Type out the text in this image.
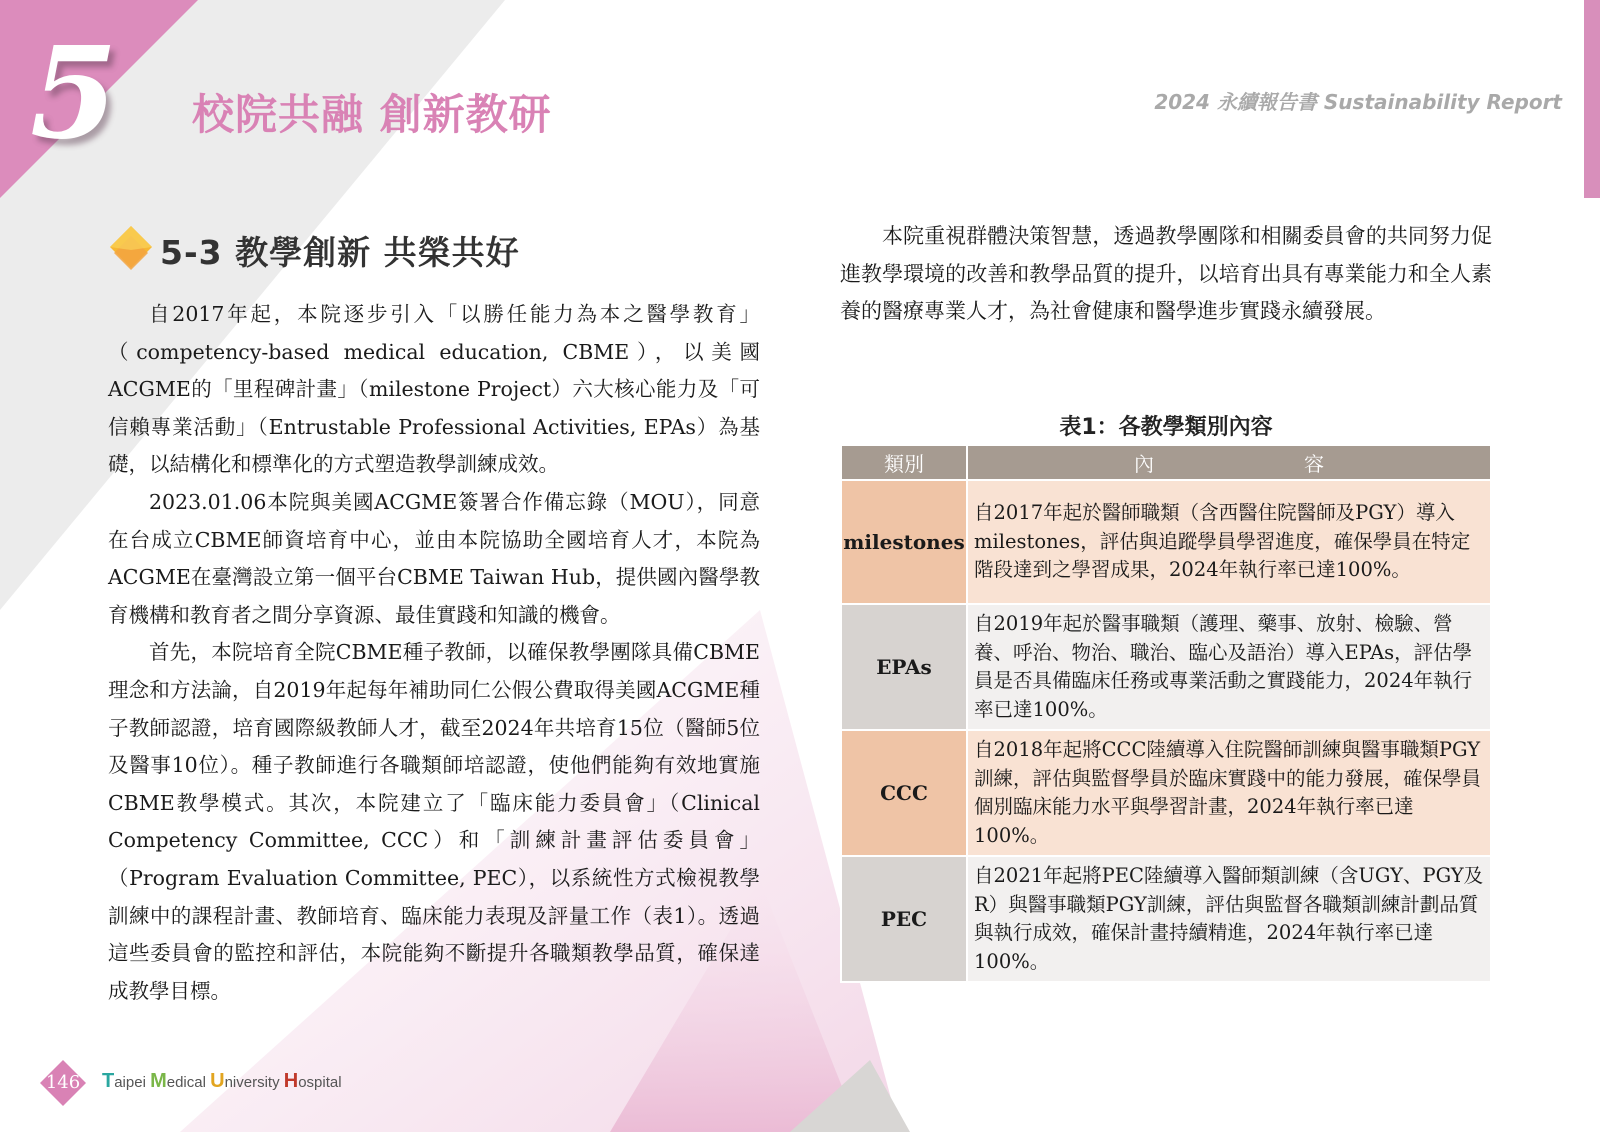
5 校院共融 創新教研	2024 永續報告書 Sustainability Report
5-3 教學創新 共榮共好

自2017年起，本院逐步引入「以勝任能力為本之醫學教育」（competency-based medical education, CBME），以美國ACGME的「里程碑計畫」（milestone Project）六大核心能力及「可信賴專業活動」（Entrustable Professional Activities, EPAs）為基礎，以結構化和標準化的方式塑造教學訓練成效。

2023.01.06本院與美國ACGME簽署合作備忘錄（MOU），同意在台成立CBME師資培育中心，並由本院協助全國培育人才，本院為ACGME在臺灣設立第一個平台CBME Taiwan Hub，提供國內醫學教育機構和教育者之間分享資源、最佳實踐和知識的機會。

首先，本院培育全院CBME種子教師，以確保教學團隊具備CBME理念和方法論，自2019年起每年補助同仁公假公費取得美國ACGME種子教師認證，培育國際級教師人才，截至2024年共培育15位（醫師5位及醫事10位）。種子教師進行各職類師培認證，使他們能夠有效地實施CBME教學模式。其次，本院建立了「臨床能力委員會」（Clinical Competency Committee, CCC）和「訓練計畫評估委員會」（Program Evaluation Committee, PEC），以系統性方式檢視教學訓練中的課程計畫、教師培育、臨床能力表現及評量工作（表1）。透過這些委員會的監控和評估，本院能夠不斷提升各職類教學品質，確保達成教學目標。

本院重視群體決策智慧，透過教學團隊和相關委員會的共同努力促進教學環境的改善和教學品質的提升，以培育出具有專業能力和全人素養的醫療專業人才，為社會健康和醫學進步實踐永續發展。

表1：各教學類別內容
類別	內容
milestones	自2017年起於醫師職類（含西醫住院醫師及PGY）導入milestones，評估與追蹤學員學習進度，確保學員在特定階段達到之學習成果，2024年執行率已達100%。
EPAs	自2019年起於醫事職類（護理、藥事、放射、檢驗、營養、呼治、物治、職治、臨心及語治）導入EPAs，評估學員是否具備臨床任務或專業活動之實踐能力，2024年執行率已達100%。
CCC	自2018年起將CCC陸續導入住院醫師訓練與醫事職類PGY訓練，評估與監督學員於臨床實踐中的能力發展，確保學員個別臨床能力水平與學習計畫，2024年執行率已達100%。
PEC	自2021年起將PEC陸續導入醫師類訓練（含UGY、PGY及R）與醫事職類PGY訓練，評估與監督各職類訓練計劃品質與執行成效，確保計畫持續精進，2024年執行率已達100%。
146 Taipei Medical University Hospital
